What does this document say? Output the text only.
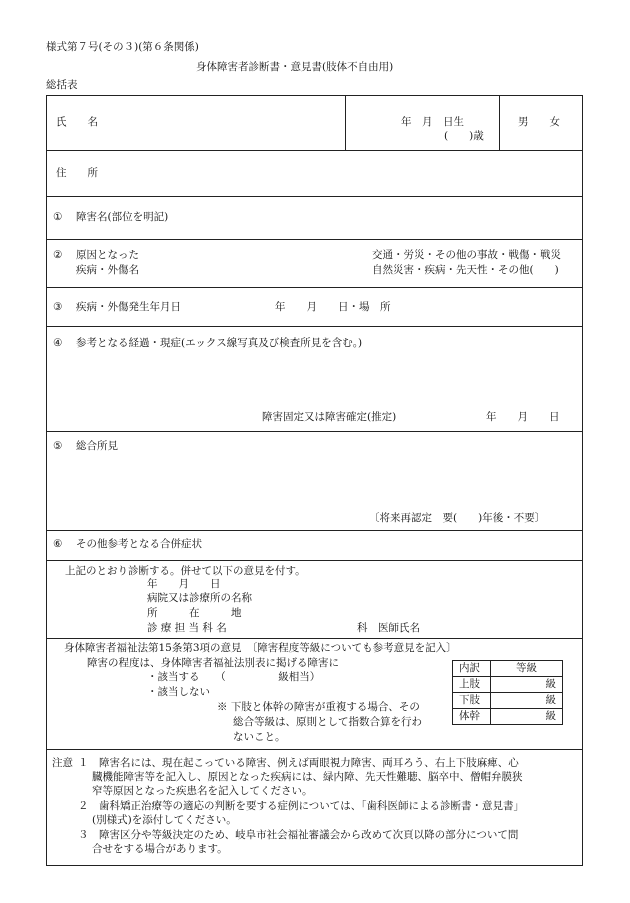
様式第７号(その３)(第６条関係)
身体障害者診断書・意見書(肢体不自由用)
総括表
氏　　名	年　月　日生
(　　)歳
男　　女
住　　所
① 障害名(部位を明記)
② 原因となった
疾病・外傷名
交通・労災・その他の事故・戦傷・戦災
自然災害・疾病・先天性・その他(　　)
③ 疾病・外傷発生年月日	年　　月　　日・場　所
④ 参考となる経過・現症(エックス線写真及び検査所見を含む。)
障害固定又は障害確定(推定)	年　　月　　日
⑤ 総合所見
〔将来再認定　要(　　)年後・不要〕
⑥ その他参考となる合併症状
上記のとおり診断する。併せて以下の意見を付す。
年　　月　　日
病院又は診療所の名称
所　　　在　　　地
診 療 担 当 科 名	科　医師氏名
身体障害者福祉法第15条第3項の意見　〔障害程度等級についても参考意見を記入〕
障害の程度は、身体障害者福祉法別表に掲げる障害に
・該当する　　（　　　　　級相当）
・該当しない
※ 下肢と体幹の障害が重複する場合、その
総合等級は、原則として指数合算を行わ
ないこと。
内訳	等級
上肢	級
下肢	級
体幹	級
注意 １　障害名には、現在起こっている障害、例えば両眼視力障害、両耳ろう、右上下肢麻痺、心
臓機能障害等を記入し、原因となった疾病には、緑内障、先天性難聴、脳卒中、僧帽弁膜狭
窄等原因となった疾患名を記入してください。
２　歯科矯正治療等の適応の判断を要する症例については、「歯科医師による診断書・意見書」
(別様式)を添付してください。
３　障害区分や等級決定のため、岐阜市社会福祉審議会から改めて次頁以降の部分について問
合せをする場合があります。
